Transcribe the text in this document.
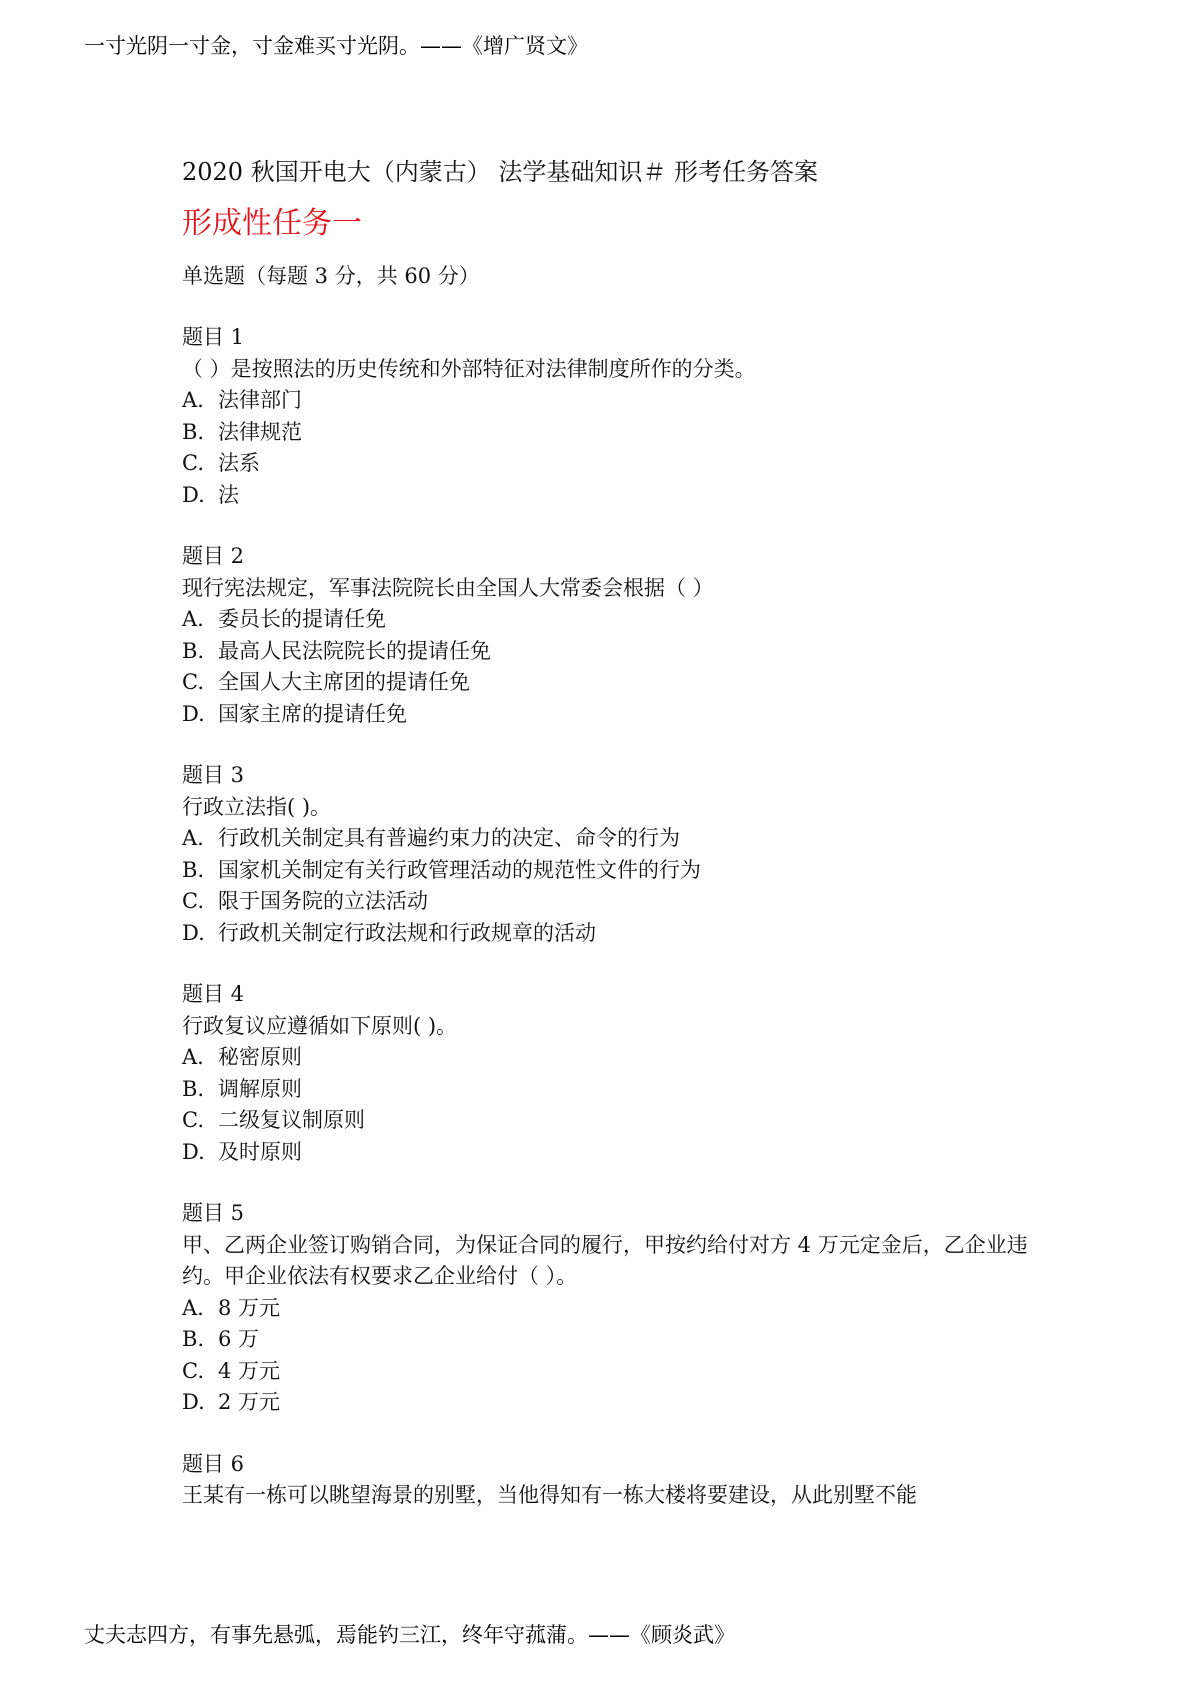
一寸光阴一寸金，寸金难买寸光阴。——《增广贤文》
2020 秋国开电大（内蒙古） 法学基础知识＃ 形考任务答案
形成性任务一

单选题（每题 3 分，共 60 分）

题目 1

（ ）是按照法的历史传统和外部特征对法律制度所作的分类。

A. 法律部门

B. 法律规范

C. 法系

D. 法

题目 2

现行宪法规定，军事法院院长由全国人大常委会根据（ ）

A. 委员长的提请任免

B. 最高人民法院院长的提请任免

C. 全国人大主席团的提请任免

D. 国家主席的提请任免

题目 3

行政立法指( )。

A. 行政机关制定具有普遍约束力的决定、命令的行为

B. 国家机关制定有关行政管理活动的规范性文件的行为

C. 限于国务院的立法活动

D. 行政机关制定行政法规和行政规章的活动

题目 4

行政复议应遵循如下原则( )。

A. 秘密原则

B. 调解原则

C. 二级复议制原则

D. 及时原则

题目 5

甲、乙两企业签订购销合同，为保证合同的履行，甲按约给付对方 4 万元定金后，乙企业违约。甲企业依法有权要求乙企业给付（ ）。

A. 8 万元

B. 6 万

C. 4 万元

D. 2 万元

题目 6

王某有一栋可以眺望海景的别墅，当他得知有一栋大楼将要建设，从此别墅不能

丈夫志四方，有事先悬弧，焉能钓三江，终年守菰蒲。——《顾炎武》
